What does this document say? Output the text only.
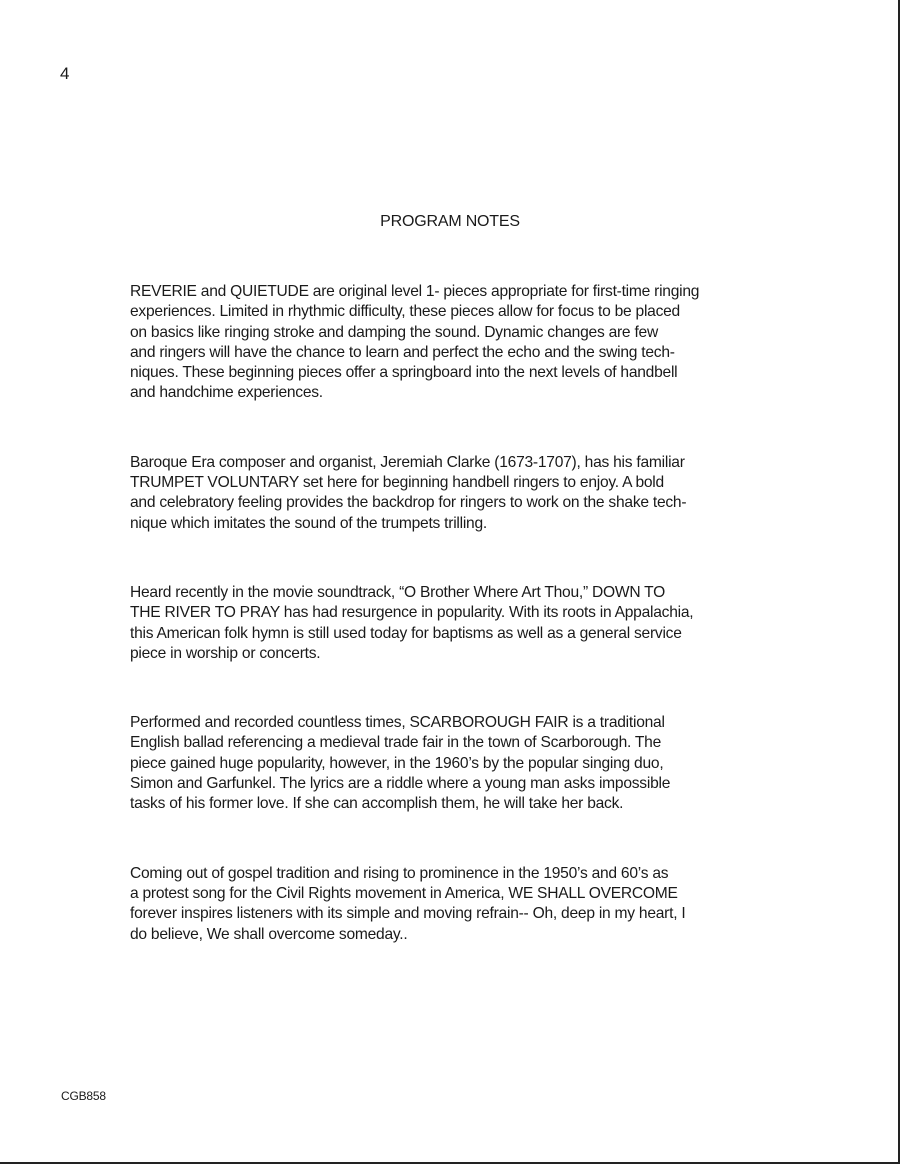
4
PROGRAM NOTES

REVERIE and QUIETUDE are original level 1- pieces appropriate for first-time ringing
experiences. Limited in rhythmic difficulty, these pieces allow for focus to be placed
on basics like ringing stroke and damping the sound. Dynamic changes are few
and ringers will have the chance to learn and perfect the echo and the swing tech-
niques. These beginning pieces offer a springboard into the next levels of handbell
and handchime experiences.

Baroque Era composer and organist, Jeremiah Clarke (1673-1707), has his familiar
TRUMPET VOLUNTARY set here for beginning handbell ringers to enjoy. A bold
and celebratory feeling provides the backdrop for ringers to work on the shake tech-
nique which imitates the sound of the trumpets trilling.

Heard recently in the movie soundtrack, “O Brother Where Art Thou,” DOWN TO
THE RIVER TO PRAY has had resurgence in popularity. With its roots in Appalachia,
this American folk hymn is still used today for baptisms as well as a general service
piece in worship or concerts.

Performed and recorded countless times, SCARBOROUGH FAIR is a traditional
English ballad referencing a medieval trade fair in the town of Scarborough. The
piece gained huge popularity, however, in the 1960’s by the popular singing duo,
Simon and Garfunkel. The lyrics are a riddle where a young man asks impossible
tasks of his former love. If she can accomplish them, he will take her back.

Coming out of gospel tradition and rising to prominence in the 1950’s and 60’s as
a protest song for the Civil Rights movement in America, WE SHALL OVERCOME
forever inspires listeners with its simple and moving refrain-- Oh, deep in my heart, I
do believe, We shall overcome someday..

CGB858
